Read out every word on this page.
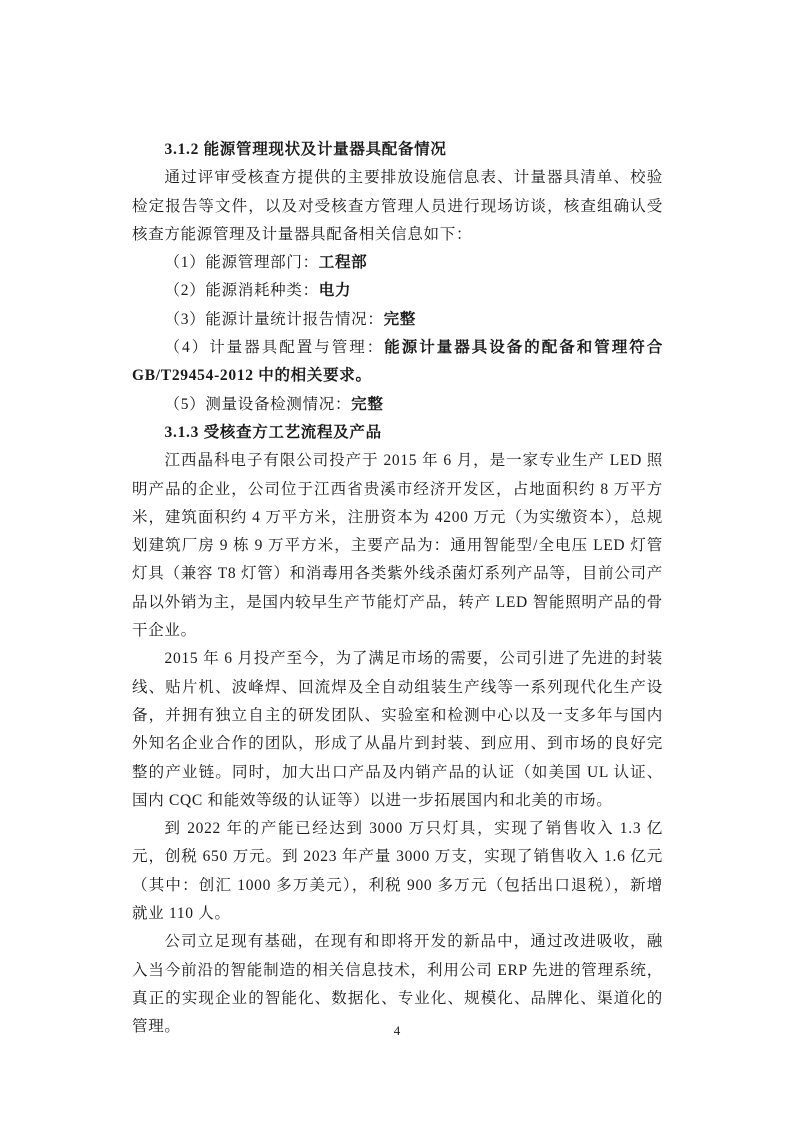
3.1.2 能源管理现状及计量器具配备情况

通过评审受核查方提供的主要排放设施信息表、计量器具清单、校验检定报告等文件，以及对受核查方管理人员进行现场访谈，核查组确认受核查方能源管理及计量器具配备相关信息如下：

（1）能源管理部门：工程部

（2）能源消耗种类：电力

（3）能源计量统计报告情况：完整

（4）计量器具配置与管理：能源计量器具设备的配备和管理符合 GB/T29454-2012 中的相关要求。

（5）测量设备检测情况：完整

3.1.3 受核查方工艺流程及产品

江西晶科电子有限公司投产于 2015 年 6 月，是一家专业生产 LED 照明产品的企业，公司位于江西省贵溪市经济开发区，占地面积约 8 万平方米，建筑面积约 4 万平方米，注册资本为 4200 万元（为实缴资本），总规划建筑厂房 9 栋 9 万平方米，主要产品为：通用智能型/全电压 LED 灯管灯具（兼容 T8 灯管）和消毒用各类紫外线杀菌灯系列产品等，目前公司产品以外销为主，是国内较早生产节能灯产品，转产 LED 智能照明产品的骨干企业。

2015 年 6 月投产至今，为了满足市场的需要，公司引进了先进的封装线、贴片机、波峰焊、回流焊及全自动组装生产线等一系列现代化生产设备，并拥有独立自主的研发团队、实验室和检测中心以及一支多年与国内外知名企业合作的团队，形成了从晶片到封装、到应用、到市场的良好完整的产业链。同时，加大出口产品及内销产品的认证（如美国 UL 认证、国内 CQC 和能效等级的认证等）以进一步拓展国内和北美的市场。

到 2022 年的产能已经达到 3000 万只灯具，实现了销售收入 1.3 亿元，创税 650 万元。到 2023 年产量 3000 万支，实现了销售收入 1.6 亿元（其中：创汇 1000 多万美元），利税 900 多万元（包括出口退税），新增就业 110 人。

公司立足现有基础，在现有和即将开发的新品中，通过改进吸收，融入当今前沿的智能制造的相关信息技术，利用公司 ERP 先进的管理系统，真正的实现企业的智能化、数据化、专业化、规模化、品牌化、渠道化的管理。	4
